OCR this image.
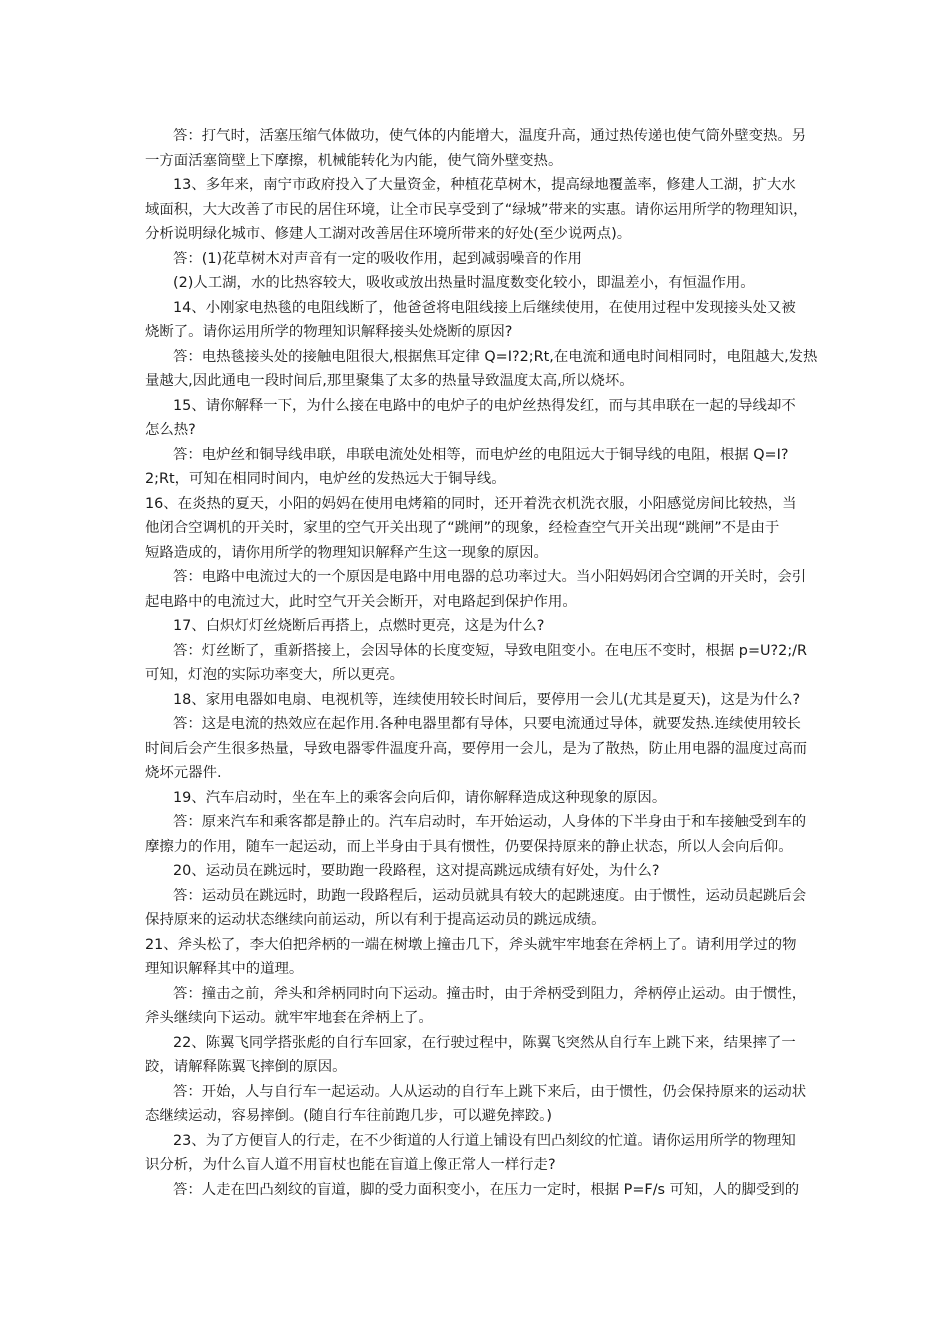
答：打气时，活塞压缩气体做功，使气体的内能增大，温度升高，通过热传递也使气筒外壁变热。另
一方面活塞筒壁上下摩擦，机械能转化为内能，使气筒外壁变热。
13、多年来，南宁市政府投入了大量资金，种植花草树木，提高绿地覆盖率，修建人工湖，扩大水
域面积，大大改善了市民的居住环境，让全市民享受到了“绿城”带来的实惠。请你运用所学的物理知识，
分析说明绿化城市、修建人工湖对改善居住环境所带来的好处(至少说两点)。
答：(1)花草树木对声音有一定的吸收作用，起到减弱噪音的作用
(2)人工湖，水的比热容较大，吸收或放出热量时温度数变化较小，即温差小，有恒温作用。
14、小刚家电热毯的电阻线断了，他爸爸将电阻线接上后继续使用，在使用过程中发现接头处又被
烧断了。请你运用所学的物理知识解释接头处烧断的原因?
答：电热毯接头处的接触电阻很大,根据焦耳定律 Q=I?2;Rt,在电流和通电时间相同时，电阻越大,发热
量越大,因此通电一段时间后,那里聚集了太多的热量导致温度太高,所以烧坏。
15、请你解释一下，为什么接在电路中的电炉子的电炉丝热得发红，而与其串联在一起的导线却不
怎么热?
答：电炉丝和铜导线串联，串联电流处处相等，而电炉丝的电阻远大于铜导线的电阻，根据 Q=I?
2;Rt，可知在相同时间内，电炉丝的发热远大于铜导线。
16、在炎热的夏天，小阳的妈妈在使用电烤箱的同时，还开着洗衣机洗衣服，小阳感觉房间比较热，当
他闭合空调机的开关时，家里的空气开关出现了“跳闸”的现象，经检查空气开关出现“跳闸”不是由于
短路造成的，请你用所学的物理知识解释产生这一现象的原因。
答：电路中电流过大的一个原因是电路中用电器的总功率过大。当小阳妈妈闭合空调的开关时，会引
起电路中的电流过大，此时空气开关会断开，对电路起到保护作用。
17、白炽灯灯丝烧断后再搭上，点燃时更亮，这是为什么?
答：灯丝断了，重新搭接上，会因导体的长度变短，导致电阻变小。在电压不变时，根据 p=U?2;/R
可知，灯泡的实际功率变大，所以更亮。
18、家用电器如电扇、电视机等，连续使用较长时间后，要停用一会儿(尤其是夏天)，这是为什么?
答：这是电流的热效应在起作用.各种电器里都有导体，只要电流通过导体，就要发热.连续使用较长
时间后会产生很多热量，导致电器零件温度升高，要停用一会儿，是为了散热，防止用电器的温度过高而
烧坏元器件.
19、汽车启动时，坐在车上的乘客会向后仰，请你解释造成这种现象的原因。
答：原来汽车和乘客都是静止的。汽车启动时，车开始运动，人身体的下半身由于和车接触受到车的
摩擦力的作用，随车一起运动，而上半身由于具有惯性，仍要保持原来的静止状态，所以人会向后仰。
20、运动员在跳远时，要助跑一段路程，这对提高跳远成绩有好处，为什么?
答：运动员在跳远时，助跑一段路程后，运动员就具有较大的起跳速度。由于惯性，运动员起跳后会
保持原来的运动状态继续向前运动，所以有利于提高运动员的跳远成绩。
21、斧头松了，李大伯把斧柄的一端在树墩上撞击几下，斧头就牢牢地套在斧柄上了。请利用学过的物
理知识解释其中的道理。
答：撞击之前，斧头和斧柄同时向下运动。撞击时，由于斧柄受到阻力，斧柄停止运动。由于惯性，
斧头继续向下运动。就牢牢地套在斧柄上了。
22、陈翼飞同学搭张彪的自行车回家，在行驶过程中，陈翼飞突然从自行车上跳下来，结果摔了一
跤，请解释陈翼飞摔倒的原因。
答：开始，人与自行车一起运动。人从运动的自行车上跳下来后，由于惯性，仍会保持原来的运动状
态继续运动，容易摔倒。(随自行车往前跑几步，可以避免摔跤。)
23、为了方便盲人的行走，在不少街道的人行道上铺设有凹凸刻纹的忙道。请你运用所学的物理知
识分析，为什么盲人道不用盲杖也能在盲道上像正常人一样行走?
答：人走在凹凸刻纹的盲道，脚的受力面积变小，在压力一定时，根据 P=F/s 可知，人的脚受到的
